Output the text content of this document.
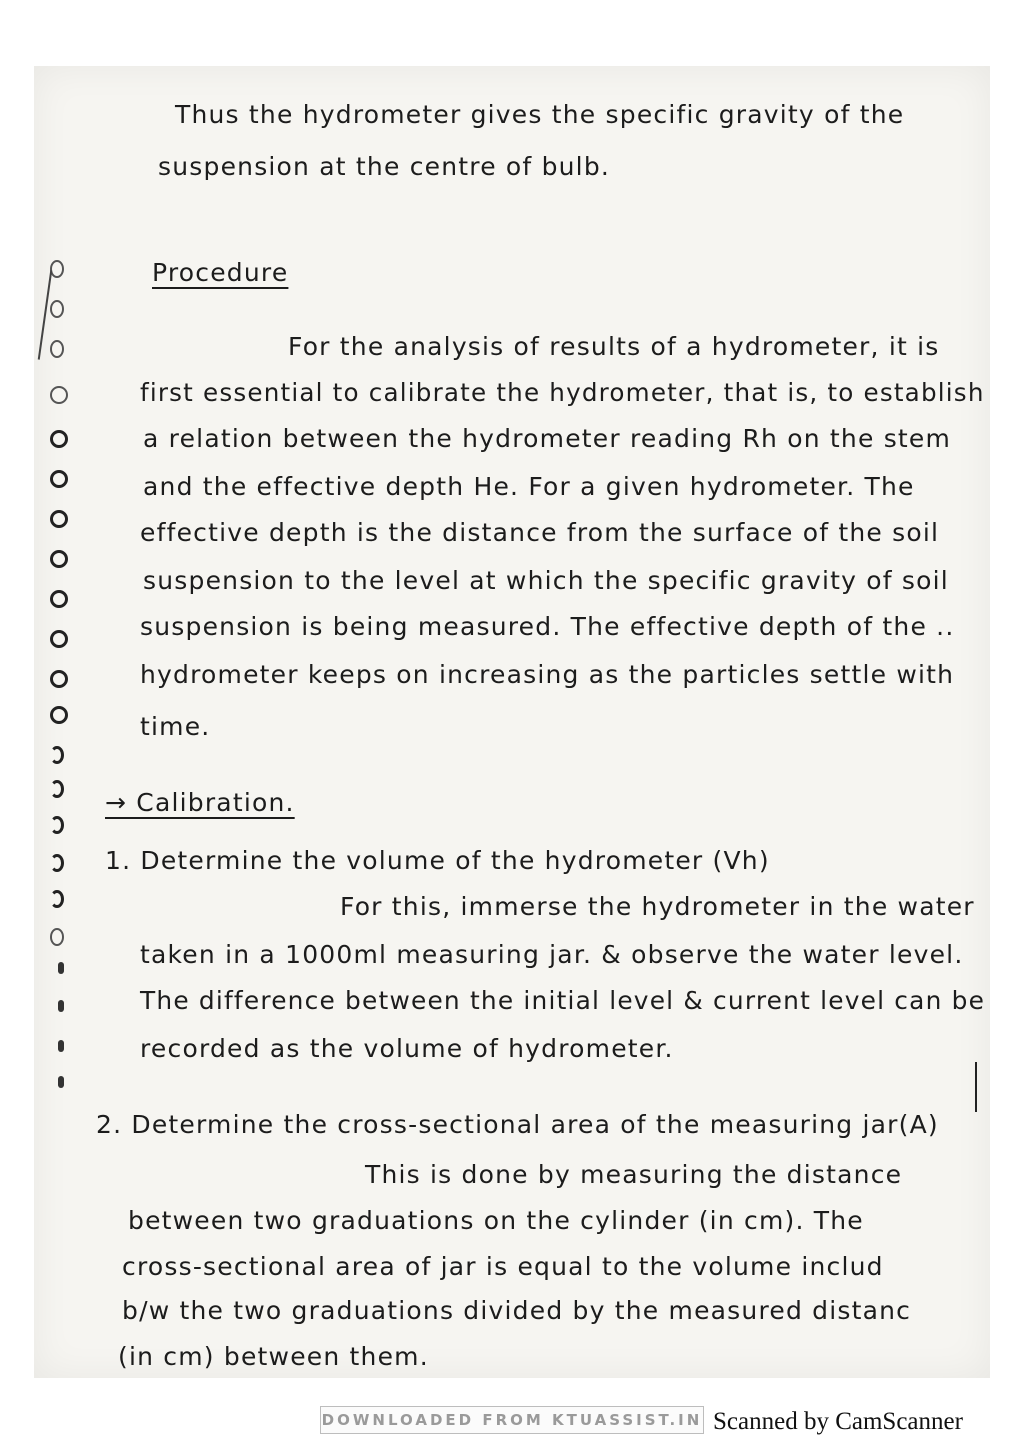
Thus the hydrometer gives the specific gravity of the
suspension at the centre of bulb.
Procedure
For the analysis of results of a hydrometer, it is
first essential to calibrate the hydrometer, that is, to establish
a relation between the hydrometer reading Rh on the stem
and the effective depth He. For a given hydrometer. The
effective depth is the distance from the surface of the soil
suspension to the level at which the specific gravity of soil
suspension is being measured. The effective depth of the ..
hydrometer keeps on increasing as the particles settle with
time.
→ Calibration.
1. Determine the volume of the hydrometer (Vh)
For this, immerse the hydrometer in the water
taken in a 1000ml measuring jar. & observe the water level.
The difference between the initial level & current level can be
recorded as the volume of hydrometer.
2. Determine the cross-sectional area of the measuring jar(A)
This is done by measuring the distance
between two graduations on the cylinder (in cm). The
cross-sectional area of jar is equal to the volume includ
b/w the two graduations divided by the measured distanc
(in cm) between them.
DOWNLOADED FROM KTUASSIST.IN Scanned by CamScanner
